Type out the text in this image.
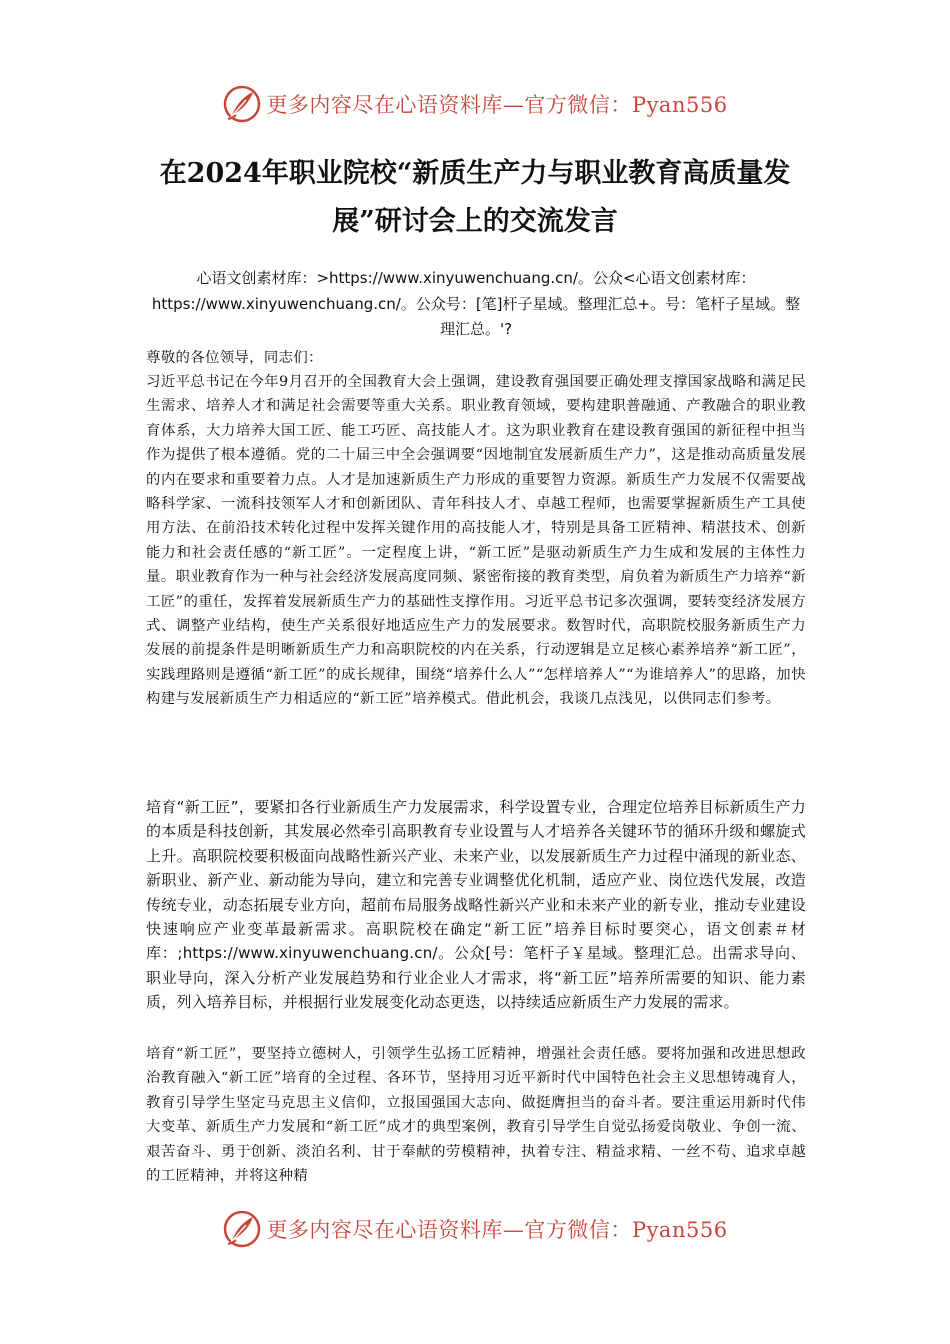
更多内容尽在心语资料库—官方微信：Pyan556
在2024年职业院校“新质生产力与职业教育高质量发展”研讨会上的交流发言

心语文创素材库：>https://www.xinyuwenchuang.cn/。公众<心语文创素材库：https://www.xinyuwenchuang.cn/。公众号：[笔]杆子星域。整理汇总+。号：笔杆子星域。整理汇总。'?

尊敬的各位领导，同志们：

习近平总书记在今年9月召开的全国教育大会上强调，建设教育强国要正确处理支撑国家战略和满足民生需求、培养人才和满足社会需要等重大关系。职业教育领域，要构建职普融通、产教融合的职业教育体系，大力培养大国工匠、能工巧匠、高技能人才。这为职业教育在建设教育强国的新征程中担当作为提供了根本遵循。党的二十届三中全会强调要“因地制宜发展新质生产力”，这是推动高质量发展的内在要求和重要着力点。人才是加速新质生产力形成的重要智力资源。新质生产力发展不仅需要战略科学家、一流科技领军人才和创新团队、青年科技人才、卓越工程师，也需要掌握新质生产工具使用方法、在前沿技术转化过程中发挥关键作用的高技能人才，特别是具备工匠精神、精湛技术、创新能力和社会责任感的“新工匠”。一定程度上讲，“新工匠”是驱动新质生产力生成和发展的主体性力量。职业教育作为一种与社会经济发展高度同频、紧密衔接的教育类型，肩负着为新质生产力培养“新工匠”的重任，发挥着发展新质生产力的基础性支撑作用。习近平总书记多次强调，要转变经济发展方式、调整产业结构，使生产关系很好地适应生产力的发展要求。数智时代，高职院校服务新质生产力发展的前提条件是明晰新质生产力和高职院校的内在关系，行动逻辑是立足核心素养培养“新工匠”，实践理路则是遵循“新工匠”的成长规律，围绕“培养什么人”“怎样培养人”“为谁培养人”的思路，加快构建与发展新质生产力相适应的“新工匠”培养模式。借此机会，我谈几点浅见，以供同志们参考。

培育“新工匠”，要紧扣各行业新质生产力发展需求，科学设置专业，合理定位培养目标新质生产力的本质是科技创新，其发展必然牵引高职教育专业设置与人才培养各关键环节的循环升级和螺旋式上升。高职院校要积极面向战略性新兴产业、未来产业，以发展新质生产力过程中涌现的新业态、新职业、新产业、新动能为导向，建立和完善专业调整优化机制，适应产业、岗位迭代发展，改造传统专业，动态拓展专业方向，超前布局服务战略性新兴产业和未来产业的新专业，推动专业建设快速响应产业变革最新需求。高职院校在确定“新工匠”培养目标时要突心，语文创素＃材库：;https://www.xinyuwenchuang.cn/。公众[号：笔杆子￥星域。整理汇总。出需求导向、职业导向，深入分析产业发展趋势和行业企业人才需求，将“新工匠”培养所需要的知识、能力素质，列入培养目标，并根据行业发展变化动态更迭，以持续适应新质生产力发展的需求。

培育“新工匠”，要坚持立德树人，引领学生弘扬工匠精神，增强社会责任感。要将加强和改进思想政治教育融入“新工匠”培育的全过程、各环节，坚持用习近平新时代中国特色社会主义思想铸魂育人，教育引导学生坚定马克思主义信仰，立报国强国大志向、做挺膺担当的奋斗者。要注重运用新时代伟大变革、新质生产力发展和“新工匠”成才的典型案例，教育引导学生自觉弘扬爱岗敬业、争创一流、艰苦奋斗、勇于创新、淡泊名利、甘于奉献的劳模精神，执着专注、精益求精、一丝不苟、追求卓越的工匠精神，并将这种精

更多内容尽在心语资料库—官方微信：Pyan556
